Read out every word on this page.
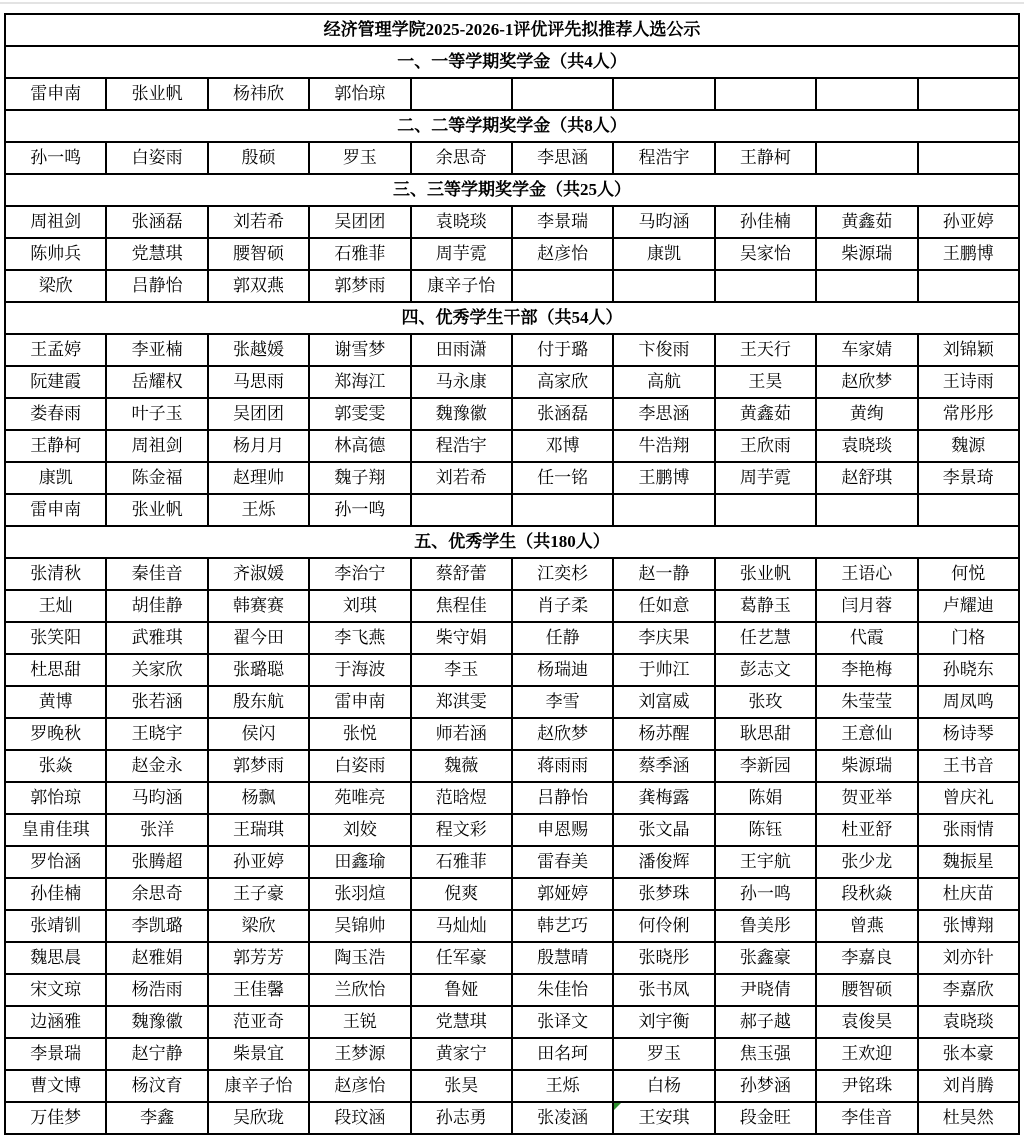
经济管理学院2025-2026-1评优评先拟推荐人选公示									
一、一等学期奖学金（共4人）									
雷申南	张业帆	杨祎欣	郭怡琼						
二、二等学期奖学金（共8人）									
孙一鸣	白姿雨	殷硕	罗玉	余思奇	李思涵	程浩宇	王静柯		
三、三等学期奖学金（共25人）									
周祖剑	张涵磊	刘若希	吴团团	袁晓琰	李景瑞	马昀涵	孙佳楠	黄鑫茹	孙亚婷
陈帅兵	党慧琪	腰智硕	石雅菲	周芋霓	赵彦怡	康凯	吴家怡	柴源瑞	王鹏博
梁欣	吕静怡	郭双燕	郭梦雨	康辛子怡					
四、优秀学生干部（共54人）									
王孟婷	李亚楠	张越媛	谢雪梦	田雨潇	付于璐	卞俊雨	王天行	车家婧	刘锦颖
阮建霞	岳耀权	马思雨	郑海江	马永康	高家欣	高航	王昊	赵欣梦	王诗雨
娄春雨	叶子玉	吴团团	郭雯雯	魏豫徽	张涵磊	李思涵	黄鑫茹	黄绚	常彤彤
王静柯	周祖剑	杨月月	林高德	程浩宇	邓博	牛浩翔	王欣雨	袁晓琰	魏源
康凯	陈金福	赵理帅	魏子翔	刘若希	任一铭	王鹏博	周芋霓	赵舒琪	李景琦
雷申南	张业帆	王烁	孙一鸣						
五、优秀学生（共180人）									
张清秋	秦佳音	齐淑媛	李治宁	蔡舒蕾	江奕杉	赵一静	张业帆	王语心	何悦
王灿	胡佳静	韩赛赛	刘琪	焦程佳	肖子柔	任如意	葛静玉	闫月蓉	卢耀迪
张笑阳	武雅琪	翟今田	李飞燕	柴守娟	任静	李庆果	任艺慧	代霞	门格
杜思甜	关家欣	张璐聪	于海波	李玉	杨瑞迪	于帅江	彭志文	李艳梅	孙晓东
黄博	张若涵	殷东航	雷申南	郑淇雯	李雪	刘富威	张玫	朱莹莹	周凤鸣
罗晚秋	王晓宇	侯闪	张悦	师若涵	赵欣梦	杨苏醒	耿思甜	王意仙	杨诗琴
张焱	赵金永	郭梦雨	白姿雨	魏薇	蒋雨雨	蔡季涵	李新园	柴源瑞	王书音
郭怡琼	马昀涵	杨飘	苑唯亮	范晗煜	吕静怡	龚梅露	陈娟	贺亚举	曾庆礼
皇甫佳琪	张洋	王瑞琪	刘姣	程文彩	申恩赐	张文晶	陈钰	杜亚舒	张雨情
罗怡涵	张腾超	孙亚婷	田鑫瑜	石雅菲	雷春美	潘俊辉	王宇航	张少龙	魏振星
孙佳楠	余思奇	王子豪	张羽煊	倪爽	郭娅婷	张梦珠	孙一鸣	段秋焱	杜庆苗
张靖钏	李凯璐	梁欣	吴锦帅	马灿灿	韩艺巧	何伶俐	鲁美彤	曾燕	张博翔
魏思晨	赵雅娟	郭芳芳	陶玉浩	任军豪	殷慧晴	张晓彤	张鑫豪	李嘉良	刘亦针
宋文琼	杨浩雨	王佳馨	兰欣怡	鲁娅	朱佳怡	张书凤	尹晓倩	腰智硕	李嘉欣
边涵雅	魏豫徽	范亚奇	王锐	党慧琪	张译文	刘宇衡	郝子越	袁俊昊	袁晓琰
李景瑞	赵宁静	柴景宜	王梦源	黄家宁	田名珂	罗玉	焦玉强	王欢迎	张本豪
曹文博	杨汶育	康辛子怡	赵彦怡	张昊	王烁	白杨	孙梦涵	尹铭珠	刘肖腾
万佳梦	李鑫	吴欣珑	段玟涵	孙志勇	张凌涵	王安琪	段金旺	李佳音	杜昊然
